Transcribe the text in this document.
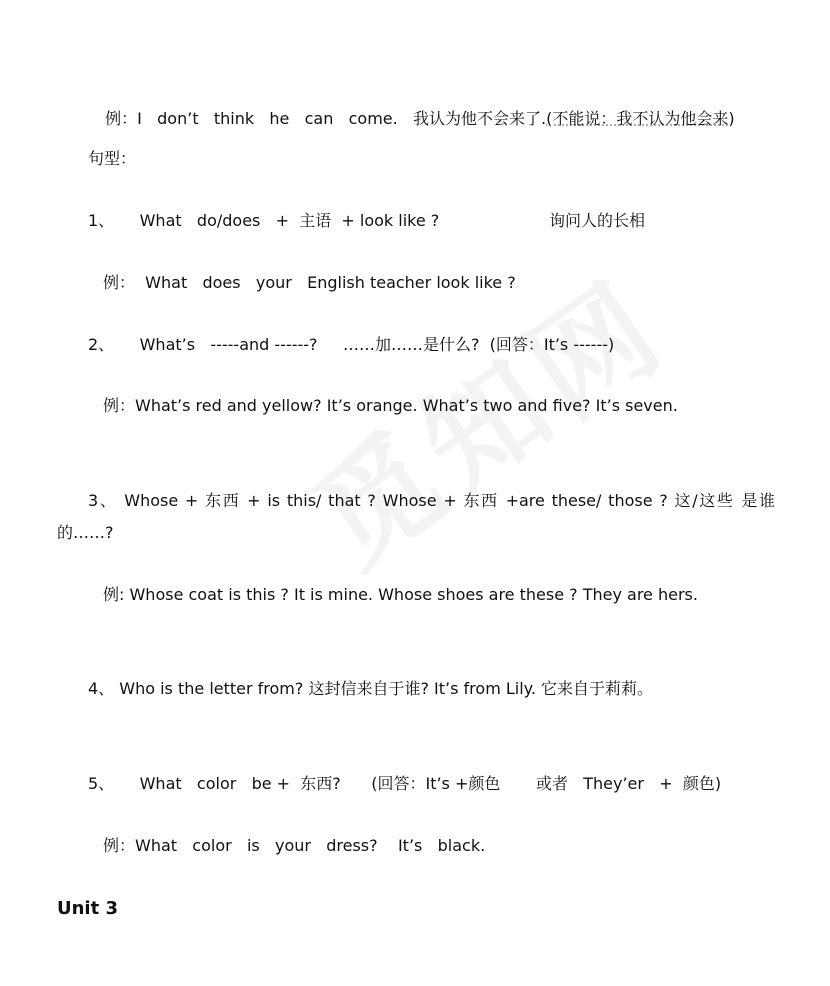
例：I   don’t   think   he   can   come.   我认为他不会来了.(不能说：我不认为他会来)

句型：
1、     What   do/does   +  主语  + look like ?	询问人的长相
例：  What   does   your   English teacher look like ?
2、     What’s   -----and ------?     ……加……是什么?  (回答：It’s ------)
例：What’s red and yellow? It’s orange. What’s two and five? It’s seven.
3、 Whose + 东西 + is this/ that ? Whose + 东西 +are these/ those ? 这/这些 是谁的……?
例: Whose coat is this ? It is mine. Whose shoes are these ? They are hers.
4、 Who is the letter from? 这封信来自于谁? It’s from Lily. 它来自于莉莉。
5、     What   color   be +  东西?      (回答：It’s +颜色       或者   They’er   +  颜色)
例：What   color   is   your   dress?    It’s   black.
Unit 3
